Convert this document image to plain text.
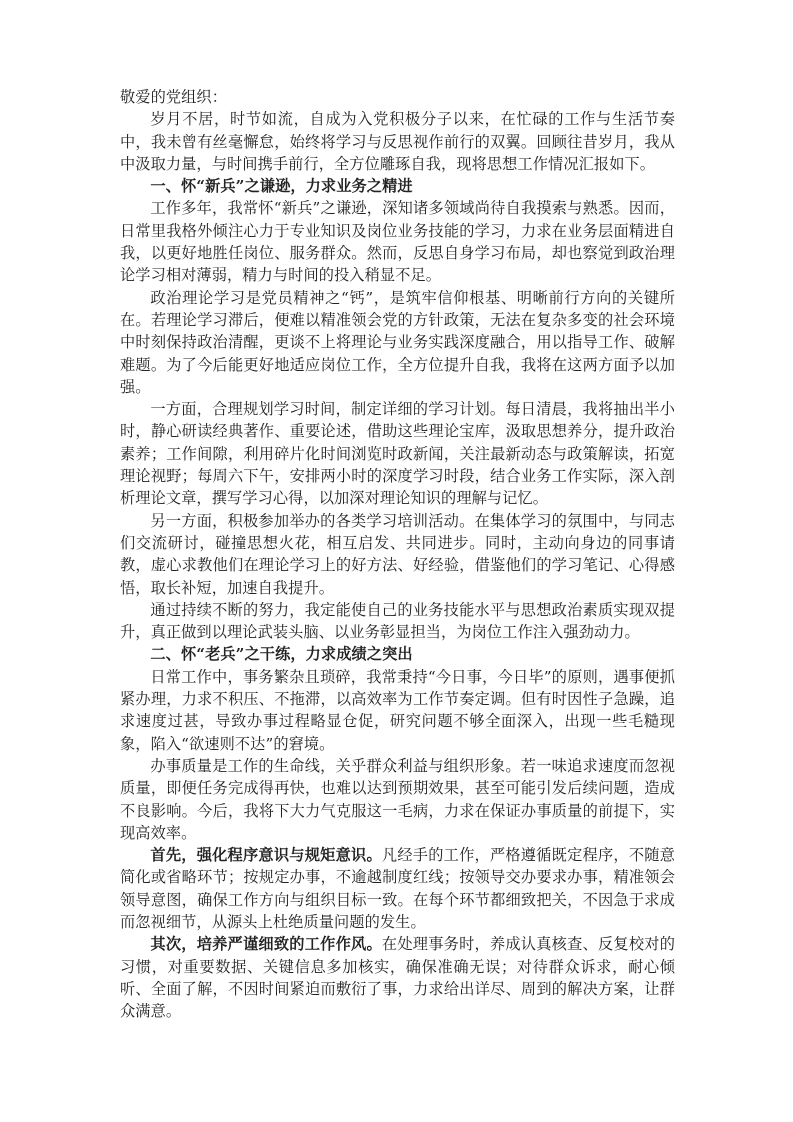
敬爱的党组织：

岁月不居，时节如流，自成为入党积极分子以来，在忙碌的工作与生活节奏中，我未曾有丝毫懈怠，始终将学习与反思视作前行的双翼。回顾往昔岁月，我从中汲取力量，与时间携手前行，全方位雕琢自我，现将思想工作情况汇报如下。

一、怀“新兵”之谦逊，力求业务之精进

工作多年，我常怀“新兵”之谦逊，深知诸多领域尚待自我摸索与熟悉。因而，日常里我格外倾注心力于专业知识及岗位业务技能的学习，力求在业务层面精进自我，以更好地胜任岗位、服务群众。然而，反思自身学习布局，却也察觉到政治理论学习相对薄弱，精力与时间的投入稍显不足。

政治理论学习是党员精神之“钙”，是筑牢信仰根基、明晰前行方向的关键所在。若理论学习滞后，便难以精准领会党的方针政策，无法在复杂多变的社会环境中时刻保持政治清醒，更谈不上将理论与业务实践深度融合，用以指导工作、破解难题。为了今后能更好地适应岗位工作，全方位提升自我，我将在这两方面予以加强。

一方面，合理规划学习时间，制定详细的学习计划。每日清晨，我将抽出半小时，静心研读经典著作、重要论述，借助这些理论宝库，汲取思想养分，提升政治素养；工作间隙，利用碎片化时间浏览时政新闻，关注最新动态与政策解读，拓宽理论视野；每周六下午，安排两小时的深度学习时段，结合业务工作实际，深入剖析理论文章，撰写学习心得，以加深对理论知识的理解与记忆。

另一方面，积极参加举办的各类学习培训活动。在集体学习的氛围中，与同志们交流研讨，碰撞思想火花，相互启发、共同进步。同时，主动向身边的同事请教，虚心求教他们在理论学习上的好方法、好经验，借鉴他们的学习笔记、心得感悟，取长补短，加速自我提升。

通过持续不断的努力，我定能使自己的业务技能水平与思想政治素质实现双提升，真正做到以理论武装头脑、以业务彰显担当，为岗位工作注入强劲动力。

二、怀“老兵”之干练，力求成绩之突出

日常工作中，事务繁杂且琐碎，我常秉持“今日事，今日毕”的原则，遇事便抓紧办理，力求不积压、不拖滞，以高效率为工作节奏定调。但有时因性子急躁，追求速度过甚，导致办事过程略显仓促，研究问题不够全面深入，出现一些毛糙现象，陷入“欲速则不达”的窘境。

办事质量是工作的生命线，关乎群众利益与组织形象。若一味追求速度而忽视质量，即便任务完成得再快，也难以达到预期效果，甚至可能引发后续问题，造成不良影响。今后，我将下大力气克服这一毛病，力求在保证办事质量的前提下，实现高效率。

首先，强化程序意识与规矩意识。凡经手的工作，严格遵循既定程序，不随意简化或省略环节；按规定办事，不逾越制度红线；按领导交办要求办事，精准领会领导意图，确保工作方向与组织目标一致。在每个环节都细致把关，不因急于求成而忽视细节，从源头上杜绝质量问题的发生。

其次，培养严谨细致的工作作风。在处理事务时，养成认真核查、反复校对的习惯，对重要数据、关键信息多加核实，确保准确无误；对待群众诉求，耐心倾听、全面了解，不因时间紧迫而敷衍了事，力求给出详尽、周到的解决方案，让群众满意。
